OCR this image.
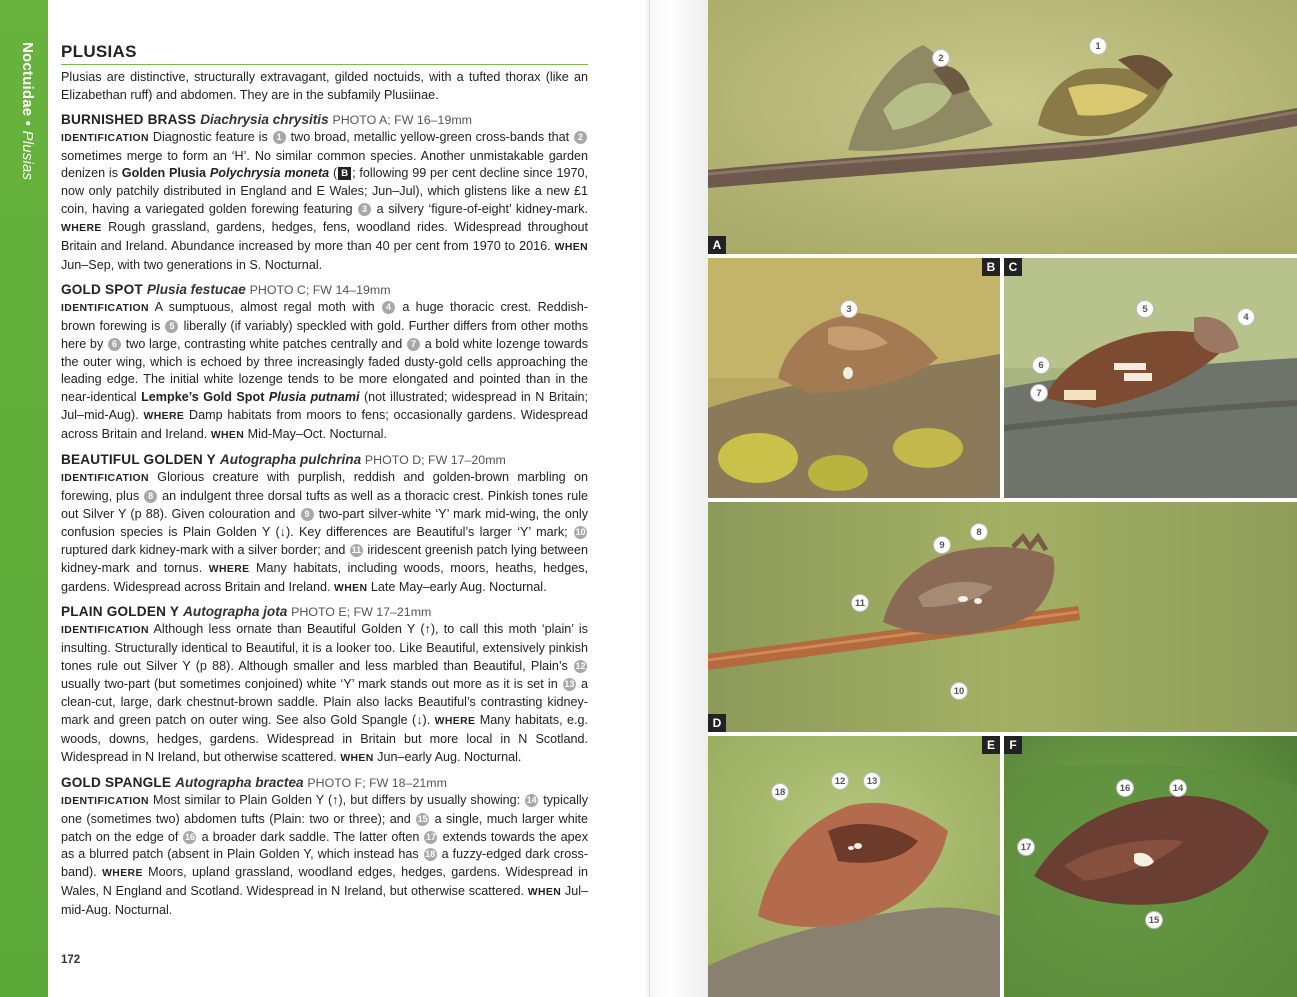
Noctuidae • Plusias
PLUSIAS

Plusias are distinctive, structurally extravagant, gilded noctuids, with a tufted thorax (like an Elizabethan ruff) and abdomen. They are in the subfamily Plusiinae.

BURNISHED BRASS Diachrysia chrysitis PHOTO A; FW 16–19mm

IDENTIFICATION Diagnostic feature is 1 two broad, metallic yellow-green cross-bands that 2 sometimes merge to form an ‘H’. No similar common species. Another unmistakable garden denizen is Golden Plusia Polychrysia moneta ( B ; following 99 per cent decline since 1970, now only patchily distributed in England and E Wales; Jun–Jul), which glistens like a new £1 coin, having a variegated golden forewing featuring 3 a silvery ‘figure-of-eight’ kidney-mark. WHERE Rough grassland, gardens, hedges, fens, woodland rides. Widespread throughout Britain and Ireland. Abundance increased by more than 40 per cent from 1970 to 2016. WHEN Jun–Sep, with two generations in S. Nocturnal.

GOLD SPOT Plusia festucae PHOTO C; FW 14–19mm

IDENTIFICATION A sumptuous, almost regal moth with 4 a huge thoracic crest. Reddish-brown forewing is 5 liberally (if variably) speckled with gold. Further differs from other moths here by 6 two large, contrasting white patches centrally and 7 a bold white lozenge towards the outer wing, which is echoed by three increasingly faded dusty-gold cells approaching the leading edge. The initial white lozenge tends to be more elongated and pointed than in the near-identical Lempke’s Gold Spot Plusia putnami (not illustrated; widespread in N Britain; Jul–mid-Aug). WHERE Damp habitats from moors to fens; occasionally gardens. Widespread across Britain and Ireland. WHEN Mid-May–Oct. Nocturnal.

BEAUTIFUL GOLDEN Y Autographa pulchrina PHOTO D; FW 17–20mm

IDENTIFICATION Glorious creature with purplish, reddish and golden-brown marbling on forewing, plus 8 an indulgent three dorsal tufts as well as a thoracic crest. Pinkish tones rule out Silver Y (p 88). Given colouration and 9 two-part silver-white ‘Y’ mark mid-wing, the only confusion species is Plain Golden Y (↓). Key differences are Beautiful’s larger ‘Y’ mark; 10 ruptured dark kidney-mark with a silver border; and 11 iridescent greenish patch lying between kidney-mark and tornus. WHERE Many habitats, including woods, moors, heaths, hedges, gardens. Widespread across Britain and Ireland. WHEN Late May–early Aug. Nocturnal.

PLAIN GOLDEN Y Autographa jota PHOTO E; FW 17–21mm

IDENTIFICATION Although less ornate than Beautiful Golden Y (↑), to call this moth ‘plain’ is insulting. Structurally identical to Beautiful, it is a looker too. Like Beautiful, extensively pinkish tones rule out Silver Y (p 88). Although smaller and less marbled than Beautiful, Plain’s 12 usually two-part (but sometimes conjoined) white ‘Y’ mark stands out more as it is set in 13 a clean-cut, large, dark chestnut-brown saddle. Plain also lacks Beautiful’s contrasting kidney-mark and green patch on outer wing. See also Gold Spangle (↓). WHERE Many habitats, e.g. woods, downs, hedges, gardens. Widespread in Britain but more local in N Scotland. Widespread in N Ireland, but otherwise scattered. WHEN Jun–early Aug. Nocturnal.

GOLD SPANGLE Autographa bractea PHOTO F; FW 18–21mm

IDENTIFICATION Most similar to Plain Golden Y (↑), but differs by usually showing: 14 typically one (sometimes two) abdomen tufts (Plain: two or three); and 15 a single, much larger white patch on the edge of 16 a broader dark saddle. The latter often 17 extends towards the apex as a blurred patch (absent in Plain Golden Y, which instead has 18 a fuzzy-edged dark cross-band). WHERE Moors, upland grassland, woodland edges, hedges, gardens. Widespread in Wales, N England and Scotland. Widespread in N Ireland, but otherwise scattered. WHEN Jul–mid-Aug. Nocturnal.

172
2
1
A
3
B
5
4
6
7
C
8
9
11
10
D
18
12	13
E
16	14
17
15
F
